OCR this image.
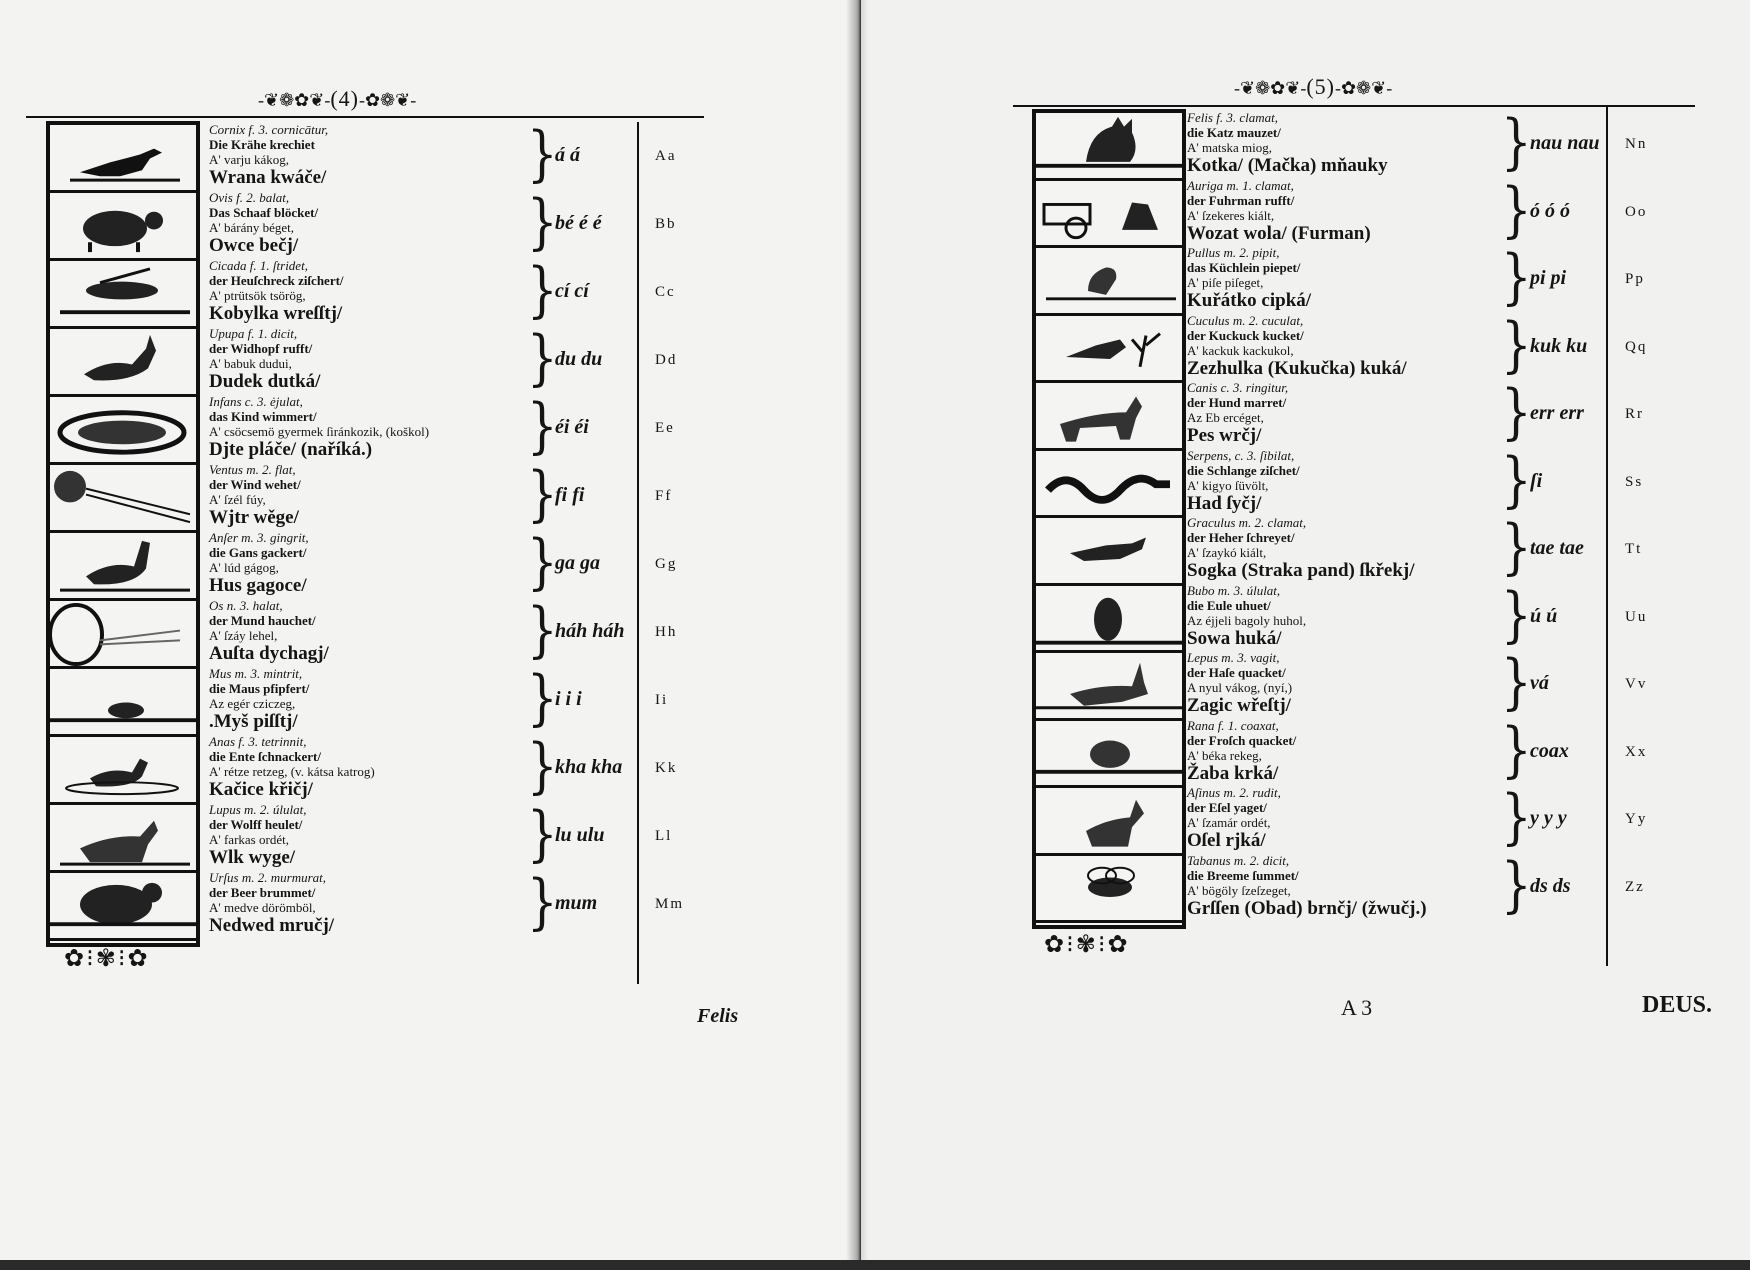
-❦❁✿❦-(4)-✿❁❦-
Cornix f. 3. cornicātur,
Die Krähe krechiet
A' varju kákog,
Wrana kwáče/	}
á á	Aa
Ovis f. 2. balat,
Das Schaaf blöcket/
A' bárány béget,
Owce bečj/	}
bé é é	Bb
Cicada f. 1. ſtridet,
der Heuſchreck ziſchert/
A' ptrütsök tsörög,
Kobylka wreſſtj/	}
cí cí	Cc
Upupa f. 1. dicit,
der Widhopf rufft/
A' babuk dudui,
Dudek dutká/	}
du du	Dd
Infans c. 3. ėjulat,
das Kind wimmert/
A' csöcsemö gyermek ſiránkozik, (koškol)
Djte pláče/ (naříká.)	}
éi éi	Ee
Ventus m. 2. flat,
der Wind wehet/
A' ſzél fúy,
Wjtr wěge/	}
fi fi	Ff
Anſer m. 3. gingrit,
die Gans gackert/
A' lúd gágog,
Hus gagoce/	}
ga ga	Gg
Os n. 3. halat,
der Mund hauchet/
A' ſzáy lehel,
Auſta dychagj/	}
háh háh Hh
Mus m. 3. mintrit,
die Maus pfipfert/
Az egér cziczeg,
.Myš piſſtj/	}
i i i	Ii
Anas f. 3. tetrinnit,
die Ente ſchnackert/
A' rétze retzeg, (v. kátsa katrog)
Kačice křičj/	}
kha kha Kk
Lupus m. 2. úlulat,
der Wolff heulet/
A' farkas ordét,
Wlk wyge/	}
lu ulu	Ll
Urſus m. 2. murmurat,
der Beer brummet/
A' medve dörömböl,
Nedwed mručj/	}
mum	Mm
✿⁝✾⁝✿
Felis
-❦❁✿❦-(5)-✿❁❦-
Felis f. 3. clamat,
die Katz mauzet/
A' matska miog,
Kotka/ (Mačka) mňauky }
nau nau Nn
Auriga m. 1. clamat,
der Fuhrman rufft/
A' ſzekeres kiált,
Wozat wola/ (Furman)	}
ó ó ó	Oo
Pullus m. 2. pipit,
das Küchlein piepet/
A' piſe piſeget,
Kuřátko cipká/	}
pi pi	Pp
Cuculus m. 2. cuculat,
der Kuckuck kucket/
A' kackuk kackukol,
Zezhulka (Kukučka) kuká/ }
kuk ku	Qq
Canis c. 3. ringitur,
der Hund marret/
Az Eb ercéget,
Pes wrčj/	}
err err	Rr
Serpens, c. 3. ſibilat,
die Schlange ziſchet/
A' kigyo ſüvölt,
Had ſyčj/	}
ſi	Ss
Graculus m. 2. clamat,
der Heher ſchreyet/
A' ſzaykó kiált,
Sogka (Straka pand) ſkřekj/ }
tae tae	Tt
Bubo m. 3. úlulat,
die Eule uhuet/
Az éjjeli bagoly huhol,
Sowa huká/	}
ú ú	Uu
Lepus m. 3. vagit,
der Haſe quacket/
A nyul vákog, (nyí,)
Zagic wřeſtj/	}
vá	Vv
Rana f. 1. coaxat,
der Froſch quacket/
A' béka rekeg,
Žaba krká/	}
coax	Xx
Aſinus m. 2. rudit,
der Eſel yaget/
A' ſzamár ordét,
Oſel rjká/	}
y y y	Yy
Tabanus m. 2. dicit,
die Breeme ſummet/
A' bögöly ſzeſzeget,
Grſſen (Obad) brnčj/ (žwučj.) }
ds ds	Zz
✿⁝✾⁝✿
A 3	DEUS.
